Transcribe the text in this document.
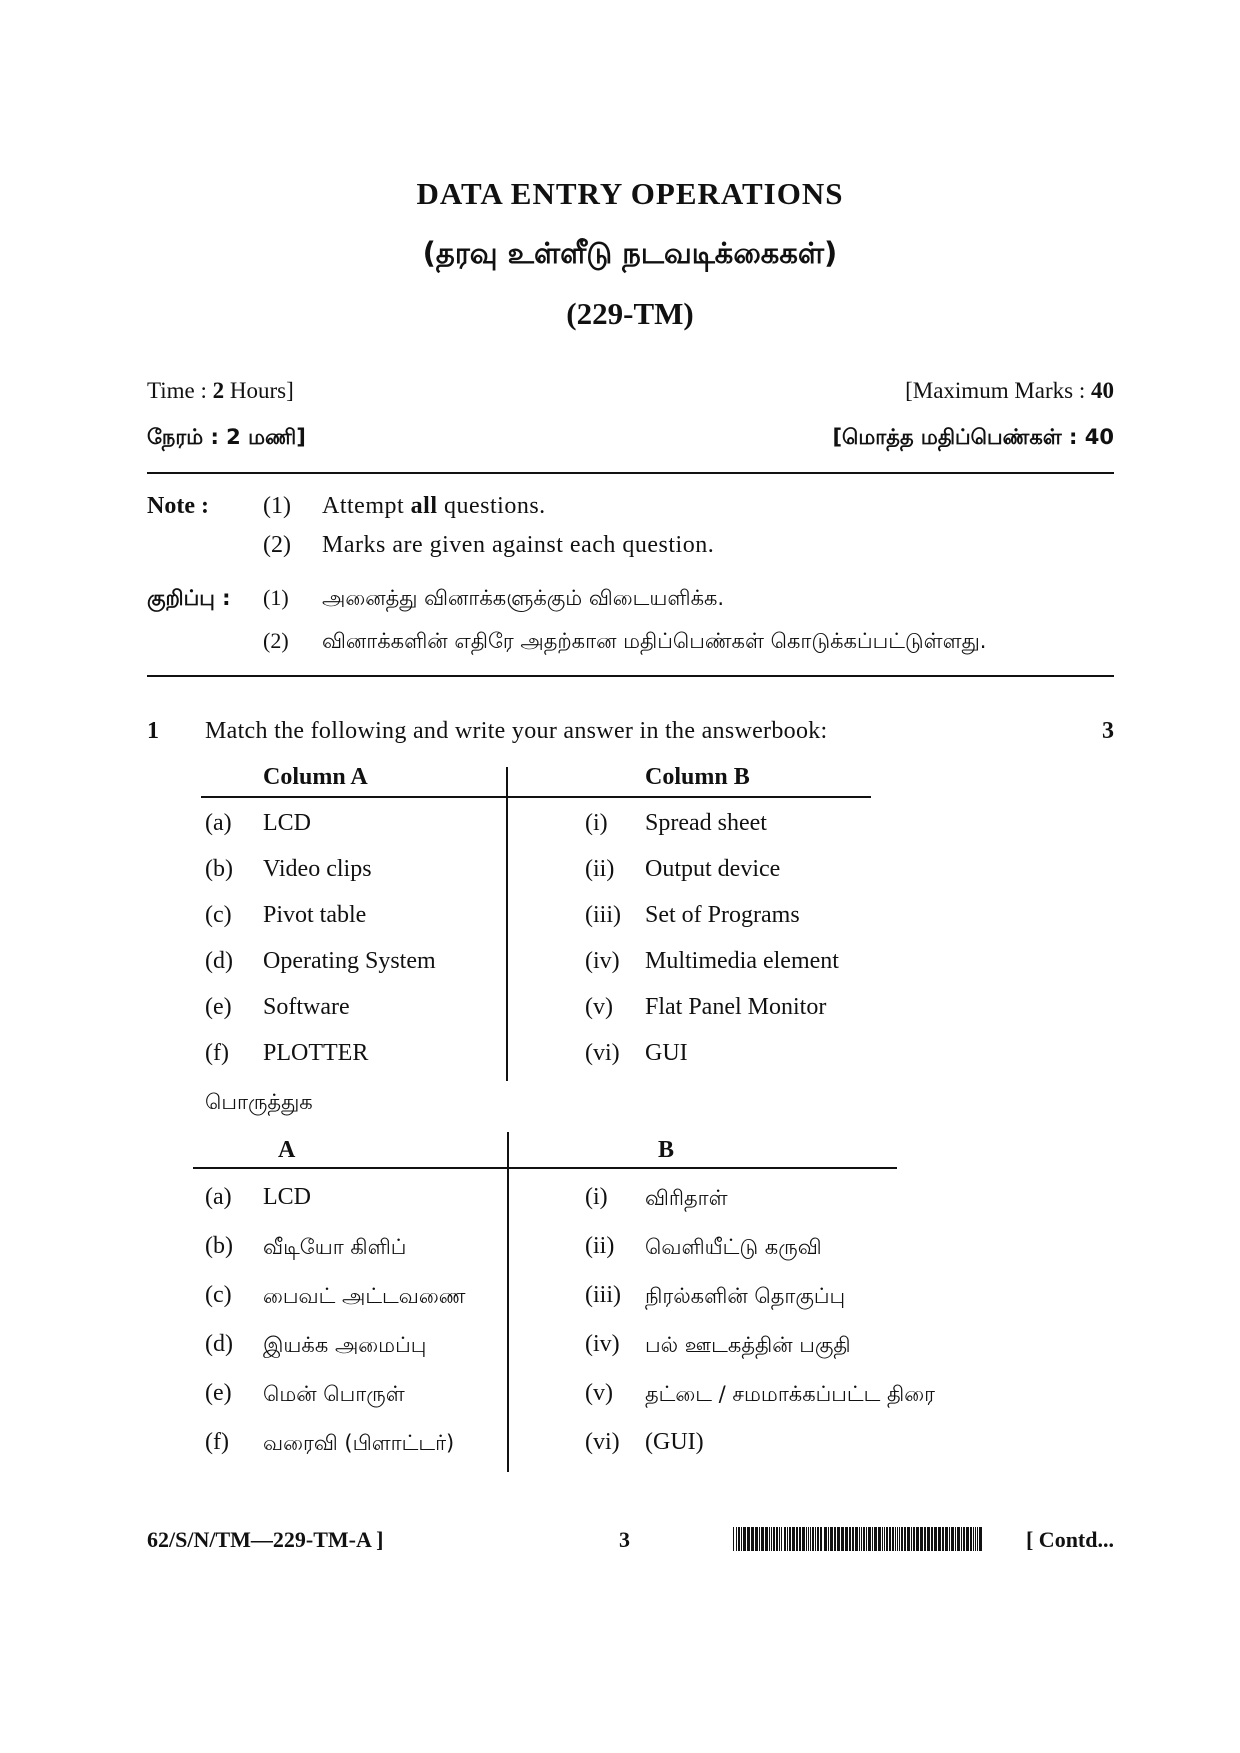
DATA ENTRY OPERATIONS
(தரவு உள்ளீடு நடவடிக்கைகள்)
(229-TM)
Time : 2 Hours]	[Maximum Marks : 40
நேரம் : 2 மணி]	[மொத்த மதிப்பெண்கள் : 40
Note : (1) Attempt all questions.
(2) Marks are given against each question.
குறிப்பு : (1) அனைத்து வினாக்களுக்கும் விடையளிக்க.
(2) வினாக்களின் எதிரே அதற்கான மதிப்பெண்கள் கொடுக்கப்பட்டுள்ளது.
1 Match the following and write your answer in the answerbook:	3
Column A	Column B
(a) LCD	(i) Spread sheet
(b) Video clips	(ii) Output device
(c) Pivot table	(iii) Set of Programs
(d) Operating System	(iv) Multimedia element
(e) Software	(v) Flat Panel Monitor
(f) PLOTTER	(vi) GUI
பொருத்துக
A	B
(a) LCD	(i) விரிதாள்
(b) வீடியோ கிளிப்	(ii) வெளியீட்டு கருவி
(c) பைவட் அட்டவணை	(iii) நிரல்களின் தொகுப்பு
(d) இயக்க அமைப்பு	(iv) பல் ஊடகத்தின் பகுதி
(e) மென் பொருள்	(v) தட்டை / சமமாக்கப்பட்ட திரை
(f) வரைவி (பிளாட்டர்)	(vi) (GUI)
62/S/N/TM—229-TM-A ]	3	[ Contd...
